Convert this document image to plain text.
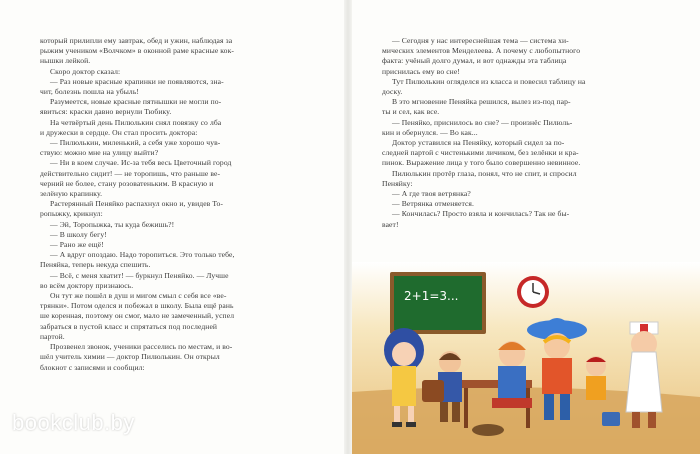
который прилипли ему завтрак, обед и ужин, наблюдая за

рыжим учеником «Волчком» в оконной раме красные кок-

нышки лейкой.

Скоро доктор сказал:

— Раз новые красные крапинки не появляются, зна-

чит, болезнь пошла на убыль!

Разумеется, новые красные пятнышки не могли по-

явиться: краски давно вернули Тюбику.

На четвёртый день Пилюлькин снял повязку со лба

и дружески в сердце. Он стал просить доктора:

— Пилюлькин, миленький, а себя уже хорошо чув-

ствую: можно мне на улицу выйти?

— Ни в коем случае. Ис-за тебя весь Цветочный город

действительно сидит! — не торопишь, что раньше ве-

черний не более, стану розоватеньким. В красную и

зелёную крапинку.

Растерянный Пеняйко распахнул окно и, увидев То-

ропыжку, крикнул:

— Эй, Торопыжка, ты куда бежишь?!

— В школу бегу!

— Рано же ещё!

— А вдруг опоздаю. Надо торопиться. Это только тебе,

Пеняйка, теперь некуда спешить.

— Всё, с меня хватит! — буркнул Пеняйко. — Лучше

во всём доктору признаюсь.

Он тут же пошёл в душ и мигом смыл с себя все «ве-

трянки». Потом оделся и побежал в школу. Была ещё рань

ше коренная, поэтому он смог, мало не замеченный, успел

забраться в пустой класс и спрятаться под последней

партой.

Прозвенел звонок, ученики расселись по местам, и во-

шёл учитель химии — доктор Пилюлькин. Он открыл

блокнот с записями и сообщил:

— Сегодня у нас интереснейшая тема — система хи-

мических элементов Менделеева. А почему с любопытного

факта: учёный долго думал, и вот однажды эта таблица

приснилась ему во сне!

Тут Пилюлькин огляделся из класса и повесил таблицу на

доску.

В это мгновение Пеняйка решился, вылез из-под пар-

ты и сел, как все.

— Пеняйко, приснилось во сне? — произнёс Пилюль-

кин и обернулся. — Во как...

Доктор уставился на Пеняйку, который сидел за по-

следней партой с чистенькими личиком, без зелёнки и кра-

пинок. Выражение лица у того было совершенно невинное.

Пилюлькин протёр глаза, понял, что не спит, и спросил

Пеняйку:

— А где твоя ветрянка?

— Ветрянка отменяется.

— Кончилась? Просто взяла и кончилась? Так не бы-

вает!

2+1=3...
bookclub.by
